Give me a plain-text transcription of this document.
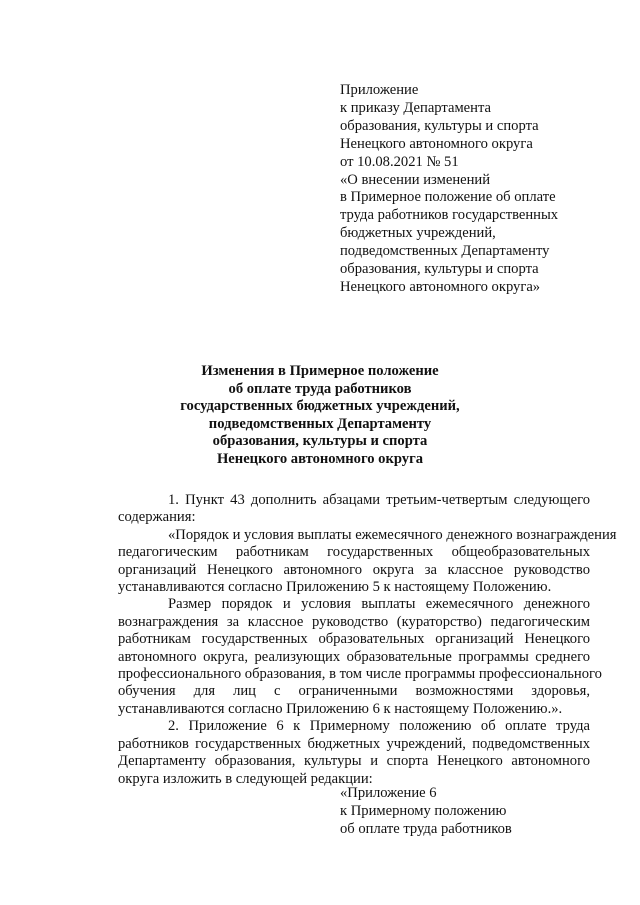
Приложение

к приказу Департамента

образования, культуры и спорта

Ненецкого автономного округа

от 10.08.2021 № 51

«О внесении изменений

в Примерное положение об оплате

труда работников государственных

бюджетных учреждений,

подведомственных Департаменту

образования, культуры и спорта

Ненецкого автономного округа»

Изменения в Примерное положение

об оплате труда работников

государственных бюджетных учреждений,

подведомственных Департаменту

образования, культуры и спорта

Ненецкого автономного округа

1. Пункт 43 дополнить абзацами третьим-четвертым следующего

содержания:

«Порядок и условия выплаты ежемесячного денежного вознаграждения

педагогическим работникам государственных общеобразовательных

организаций Ненецкого автономного округа за классное руководство

устанавливаются согласно Приложению 5 к настоящему Положению.

Размер порядок и условия выплаты ежемесячного денежного

вознаграждения за классное руководство (кураторство) педагогическим

работникам государственных образовательных организаций Ненецкого

автономного округа, реализующих образовательные программы среднего

профессионального образования, в том числе программы профессионального

обучения для лиц с ограниченными возможностями здоровья,

устанавливаются согласно Приложению 6 к настоящему Положению.».

2. Приложение 6 к Примерному положению об оплате труда

работников государственных бюджетных учреждений, подведомственных

Департаменту образования, культуры и спорта Ненецкого автономного

округа изложить в следующей редакции:

«Приложение 6

к Примерному положению

об оплате труда работников
